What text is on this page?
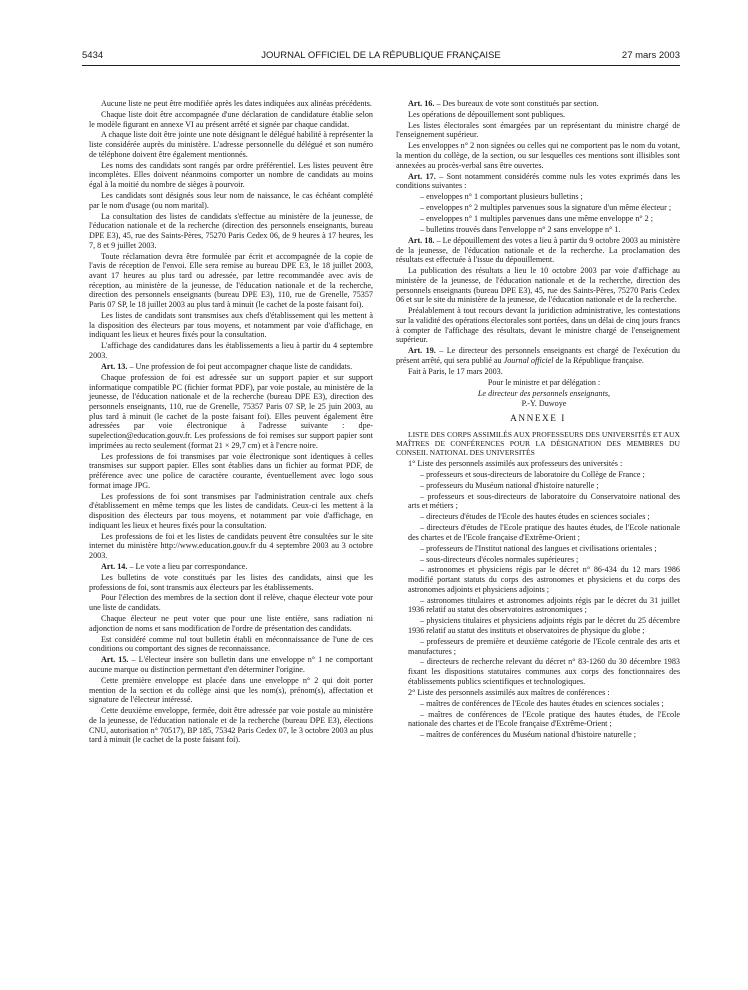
5434	JOURNAL OFFICIEL DE LA RÉPUBLIQUE FRANÇAISE	27 mars 2003

Aucune liste ne peut être modifiée après les dates indiquées aux alinéas précédents.

Chaque liste doit être accompagnée d'une déclaration de candidature établie selon le modèle figurant en annexe VI au présent arrêté et signée par chaque candidat.

A chaque liste doit être jointe une note désignant le délégué habilité à représenter la liste considérée auprès du ministère. L'adresse personnelle du délégué et son numéro de téléphone doivent être également mentionnés.

Les noms des candidats sont rangés par ordre préférentiel. Les listes peuvent être incomplètes. Elles doivent néanmoins comporter un nombre de candidats au moins égal à la moitié du nombre de sièges à pourvoir.

Les candidats sont désignés sous leur nom de naissance, le cas échéant complété par le nom d'usage (ou nom marital).

La consultation des listes de candidats s'effectue au ministère de la jeunesse, de l'éducation nationale et de la recherche (direction des personnels enseignants, bureau DPE E3), 45, rue des Saints-Pères, 75270 Paris Cedex 06, de 9 heures à 17 heures, les 7, 8 et 9 juillet 2003.

Toute réclamation devra être formulée par écrit et accompagnée de la copie de l'avis de réception de l'envoi. Elle sera remise au bureau DPE E3, le 18 juillet 2003, avant 17 heures au plus tard ou adressée, par lettre recommandée avec avis de réception, au ministère de la jeunesse, de l'éducation nationale et de la recherche, direction des personnels enseignants (bureau DPE E3), 110, rue de Grenelle, 75357 Paris 07 SP, le 18 juillet 2003 au plus tard à minuit (le cachet de la poste faisant foi).

Les listes de candidats sont transmises aux chefs d'établissement qui les mettent à la disposition des électeurs par tous moyens, et notamment par voie d'affichage, en indiquant les lieux et heures fixés pour la consultation.

L'affichage des candidatures dans les établissements a lieu à partir du 4 septembre 2003.

Art. 13. – Une profession de foi peut accompagner chaque liste de candidats.

Chaque profession de foi est adressée sur un support papier et sur support informatique compatible PC (fichier format PDF), par voie postale, au ministère de la jeunesse, de l'éducation nationale et de la recherche (bureau DPE E3), direction des personnels enseignants, 110, rue de Grenelle, 75357 Paris 07 SP, le 25 juin 2003, au plus tard à minuit (le cachet de la poste faisant foi). Elles peuvent également être adressées par voie électronique à l'adresse suivante : dpe-supelection@education.gouv.fr. Les professions de foi remises sur support papier sont imprimées au recto seulement (format 21 × 29,7 cm) et à l'encre noire.

Les professions de foi transmises par voie électronique sont identiques à celles transmises sur support papier. Elles sont établies dans un fichier au format PDF, de préférence avec une police de caractère courante, éventuellement avec logo sous format image JPG.

Les professions de foi sont transmises par l'administration centrale aux chefs d'établissement en même temps que les listes de candidats. Ceux-ci les mettent à la disposition des électeurs par tous moyens, et notamment par voie d'affichage, en indiquant les lieux et heures fixés pour la consultation.

Les professions de foi et les listes de candidats peuvent être consultées sur le site internet du ministère http://www.education.gouv.fr du 4 septembre 2003 au 3 octobre 2003.

Art. 14. – Le vote a lieu par correspondance.

Les bulletins de vote constitués par les listes des candidats, ainsi que les professions de foi, sont transmis aux électeurs par les établissements.

Pour l'élection des membres de la section dont il relève, chaque électeur vote pour une liste de candidats.

Chaque électeur ne peut voter que pour une liste entière, sans radiation ni adjonction de noms et sans modification de l'ordre de présentation des candidats.

Est considéré comme nul tout bulletin établi en méconnaissance de l'une de ces conditions ou comportant des signes de reconnaissance.

Art. 15. – L'électeur insère son bulletin dans une enveloppe n° 1 ne comportant aucune marque ou distinction permettant d'en déterminer l'origine.

Cette première enveloppe est placée dans une enveloppe n° 2 qui doit porter mention de la section et du collège ainsi que les nom(s), prénom(s), affectation et signature de l'électeur intéressé.

Cette deuxième enveloppe, fermée, doit être adressée par voie postale au ministère de la jeunesse, de l'éducation nationale et de la recherche (bureau DPE E3), élections CNU, autorisation n° 70517), BP 185, 75342 Paris Cedex 07, le 3 octobre 2003 au plus tard à minuit (le cachet de la poste faisant foi).

Art. 16. – Des bureaux de vote sont constitués par section.

Les opérations de dépouillement sont publiques.

Les listes électorales sont émargées par un représentant du ministre chargé de l'enseignement supérieur.

Les enveloppes n° 2 non signées ou celles qui ne comportent pas le nom du votant, la mention du collège, de la section, ou sur lesquelles ces mentions sont illisibles sont annexées au procès-verbal sans être ouvertes.

Art. 17. – Sont notamment considérés comme nuls les votes exprimés dans les conditions suivantes :

– enveloppes n° 1 comportant plusieurs bulletins ;

– enveloppes n° 2 multiples parvenues sous la signature d'un même électeur ;

– enveloppes n° 1 multiples parvenues dans une même enveloppe n° 2 ;

– bulletins trouvés dans l'enveloppe n° 2 sans enveloppe n° 1.

Art. 18. – Le dépouillement des votes a lieu à partir du 9 octobre 2003 au ministère de la jeunesse, de l'éducation nationale et de la recherche. La proclamation des résultats est effectuée à l'issue du dépouillement.

La publication des résultats a lieu le 10 octobre 2003 par voie d'affichage au ministère de la jeunesse, de l'éducation nationale et de la recherche, direction des personnels enseignants (bureau DPE E3), 45, rue des Saints-Pères, 75270 Paris Cedex 06 et sur le site du ministère de la jeunesse, de l'éducation nationale et de la recherche.

Préalablement à tout recours devant la juridiction administrative, les contestations sur la validité des opérations électorales sont portées, dans un délai de cinq jours francs à compter de l'affichage des résultats, devant le ministre chargé de l'enseignement supérieur.

Art. 19. – Le directeur des personnels enseignants est chargé de l'exécution du présent arrêté, qui sera publié au Journal officiel de la République française.

Fait à Paris, le 17 mars 2003.

Pour le ministre et par délégation :

Le directeur des personnels enseignants,

P.-Y. Duwoye

ANNEXE I

LISTE DES CORPS ASSIMILÉS AUX PROFESSEURS DES UNIVERSITÉS ET AUX MAÎTRES DE CONFÉRENCES POUR LA DÉSIGNATION DES MEMBRES DU CONSEIL NATIONAL DES UNIVERSITÉS

1° Liste des personnels assimilés aux professeurs des universités :

– professeurs et sous-directeurs de laboratoire du Collège de France ;

– professeurs du Muséum national d'histoire naturelle ;

– professeurs et sous-directeurs de laboratoire du Conservatoire national des arts et métiers ;

– directeurs d'études de l'Ecole des hautes études en sciences sociales ;

– directeurs d'études de l'Ecole pratique des hautes études, de l'Ecole nationale des chartes et de l'Ecole française d'Extrême-Orient ;

– professeurs de l'Institut national des langues et civilisations orientales ;

– sous-directeurs d'écoles normales supérieures ;

– astronomes et physiciens régis par le décret n° 86-434 du 12 mars 1986 modifié portant statuts du corps des astronomes et physiciens et du corps des astronomes adjoints et physiciens adjoints ;

– astronomes titulaires et astronomes adjoints régis par le décret du 31 juillet 1936 relatif au statut des observatoires astronomiques ;

– physiciens titulaires et physiciens adjoints régis par le décret du 25 décembre 1936 relatif au statut des instituts et observatoires de physique du globe ;

– professeurs de première et deuxième catégorie de l'Ecole centrale des arts et manufactures ;

– directeurs de recherche relevant du décret n° 83-1260 du 30 décembre 1983 fixant les dispositions statutaires communes aux corps des fonctionnaires des établissements publics scientifiques et technologiques.

2° Liste des personnels assimilés aux maîtres de conférences :

– maîtres de conférences de l'Ecole des hautes études en sciences sociales ;

– maîtres de conférences de l'Ecole pratique des hautes études, de l'Ecole nationale des chartes et de l'Ecole française d'Extrême-Orient ;

– maîtres de conférences du Muséum national d'histoire naturelle ;
